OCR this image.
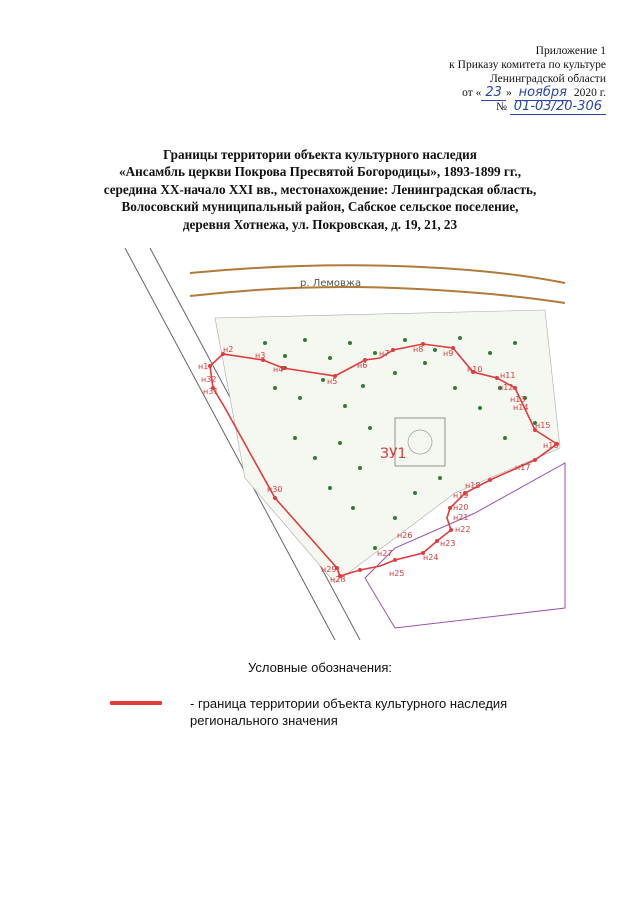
Приложение 1
к Приказу комитета по культуре
Ленинградской области
от « 23 » ноября 2020 г.
№ 01-03/20-306
Границы территории объекта культурного наследия
«Ансамбль церкви Покрова Пресвятой Богородицы», 1893-1899 гг.,
середина XX-начало XXI вв., местонахождение: Ленинградская область,
Волосовский муниципальный район, Сабское сельское поселение,
деревня Хотнежа, ул. Покровская, д. 19, 21, 23
р. Лемовжа
ЗУ1
н1
н2
н3
н4
н5
н6
н7	н8 н9
н10
н11
н12
н13
н14
н15
н16
н17
н18
н19
н20
н21
н22
н23
н24
н25
н26
н27
н28
н29
н30
н31
н32
Условные обозначения:
- граница территории объекта культурного наследия
регионального значения
